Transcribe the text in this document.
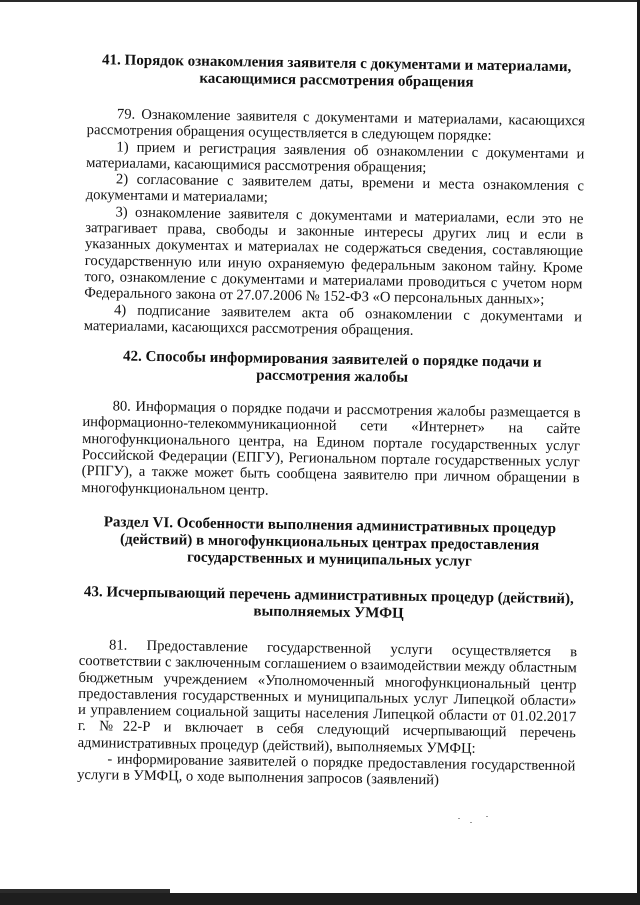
41. Порядок ознакомления заявителя с документами и материалами, касающимися рассмотрения обращения

79. Ознакомление заявителя с документами и материалами, касающихся рассмотрения обращения осуществляется в следующем порядке:

1) прием и регистрация заявления об ознакомлении с документами и материалами, касающимися рассмотрения обращения;

2) согласование с заявителем даты, времени и места ознакомления с документами и материалами;

3) ознакомление заявителя с документами и материалами, если это не затрагивает права, свободы и законные интересы других лиц и если в указанных документах и материалах не содержаться сведения, составляющие государственную или иную охраняемую федеральным законом тайну. Кроме того, ознакомление с документами и материалами проводиться с учетом норм Федерального закона от 27.07.2006 № 152-ФЗ «О персональных данных»;

4) подписание заявителем акта об ознакомлении с документами и материалами, касающихся рассмотрения обращения.

42. Способы информирования заявителей о порядке подачи и рассмотрения жалобы

80. Информация о порядке подачи и рассмотрения жалобы размещается в информационно-телекоммуникационной сети «Интернет» на сайте многофункционального центра, на Едином портале государственных услуг Российской Федерации (ЕПГУ), Региональном портале государственных услуг (РПГУ), а также может быть сообщена заявителю при личном обращении в многофункциональном центр.

Раздел VI. Особенности выполнения административных процедур (действий) в многофункциональных центрах предоставления государственных и муниципальных услуг

43. Исчерпывающий перечень административных процедур (действий), выполняемых УМФЦ

81. Предоставление государственной услуги осуществляется в соответствии с заключенным соглашением о взаимодействии между областным бюджетным учреждением «Уполномоченный многофункциональный центр предоставления государственных и муниципальных услуг Липецкой области» и управлением социальной защиты населения Липецкой области от 01.02.2017 г. №22-Р и включает в себя следующий исчерпывающий перечень административных процедур (действий), выполняемых УМФЦ:

- информирование заявителей о порядке предоставления государственной услуги в УМФЦ, о ходе выполнения запросов (заявлений)
